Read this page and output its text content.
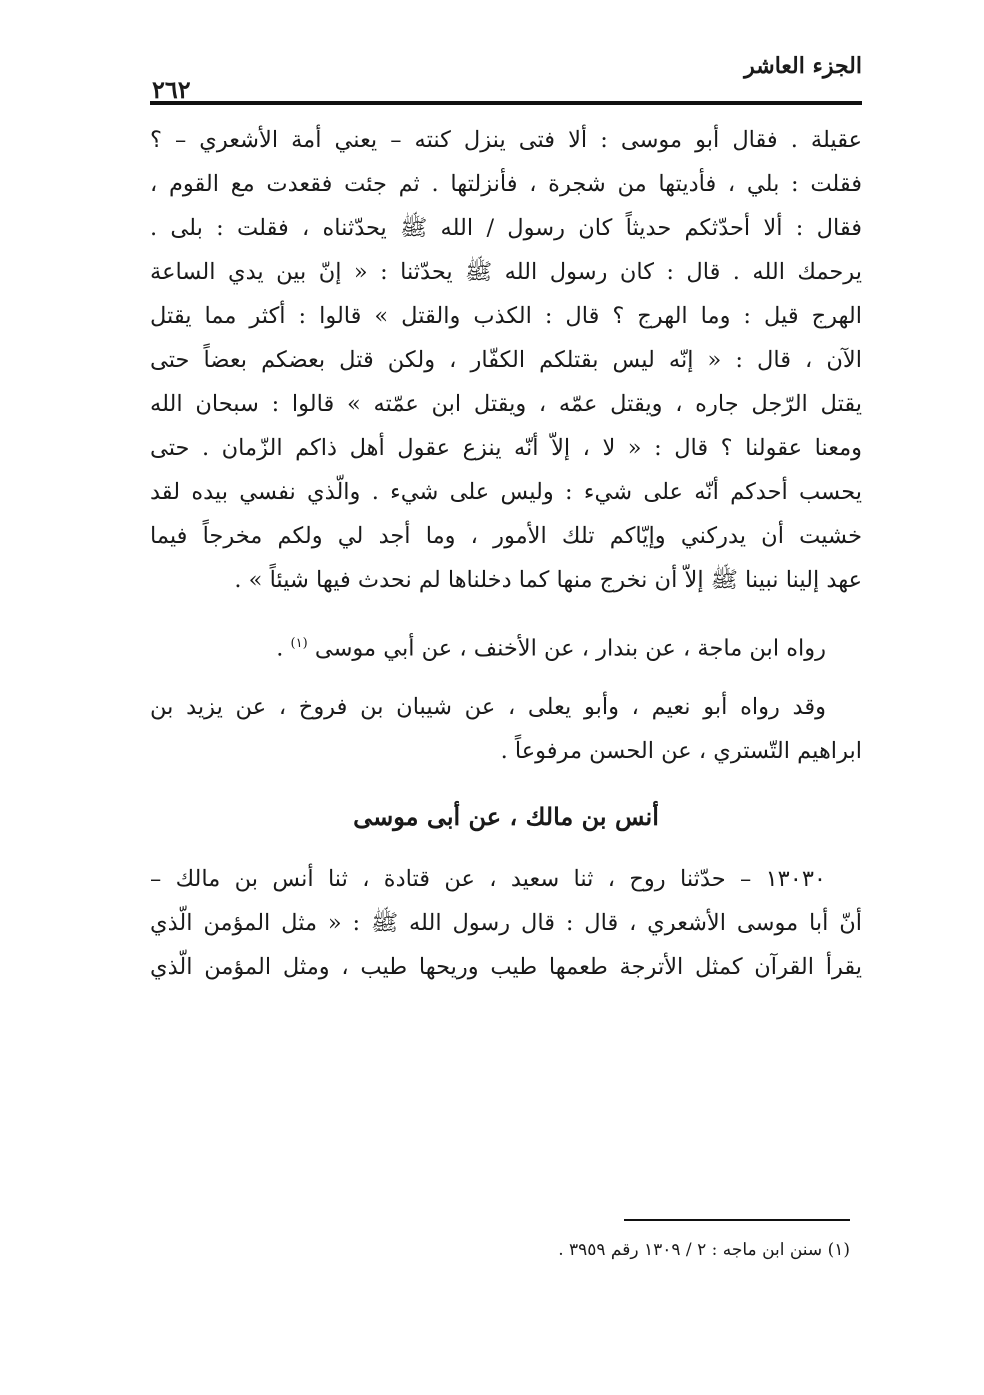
الجزء العاشر
٢٦٢

عقيلة . فقال أبو موسى : ألا فتى ينزل كنته – يعني أمة الأشعري – ؟

فقلت : بلي ، فأديتها من شجرة ، فأنزلتها . ثم جئت فقعدت مع القوم ،

فقال : ألا أحدّثكم حديثاً كان رسول / الله ﷺ يحدّثناه ، فقلت : بلى .

يرحمك الله . قال : كان رسول الله ﷺ يحدّثنا : « إنّ بين يدي الساعة

الهرج قيل : وما الهرج ؟ قال : الكذب والقتل » قالوا : أكثر مما يقتل

الآن ، قال : « إنّه ليس بقتلكم الكفّار ، ولكن قتل بعضكم بعضاً حتى

يقتل الرّجل جاره ، ويقتل عمّه ، ويقتل ابن عمّته » قالوا : سبحان الله

ومعنا عقولنا ؟ قال : « لا ، إلاّ أنّه ينزع عقول أهل ذاكم الزّمان . حتى

يحسب أحدكم أنّه على شيء : وليس على شيء . والّذي نفسي بيده لقد

خشيت أن يدركني وإيّاكم تلك الأمور ، وما أجد لي ولكم مخرجاً فيما

عهد إلينا نبينا ﷺ إلاّ أن نخرج منها كما دخلناها لم نحدث فيها شيئاً » .

رواه ابن ماجة ، عن بندار ، عن الأخنف ، عن أبي موسى $^{(١)}$ .

وقد رواه أبو نعيم ، وأبو يعلى ، عن شيبان بن فروخ ، عن يزيد بن

ابراهيم التّستري ، عن الحسن مرفوعاً .

أنس بن مالك ، عن أبى موسى

١٣٠٣٠ – حدّثنا روح ، ثنا سعيد ، عن قتادة ، ثنا أنس بن مالك –

أنّ أبا موسى الأشعري ، قال : قال رسول الله ﷺ : « مثل المؤمن الّذي

يقرأ القرآن كمثل الأترجة طعمها طيب وريحها طيب ، ومثل المؤمن الّذي

(١) سنن ابن ماجه : ٢ / ١٣٠٩ رقم ٣٩٥٩ .
